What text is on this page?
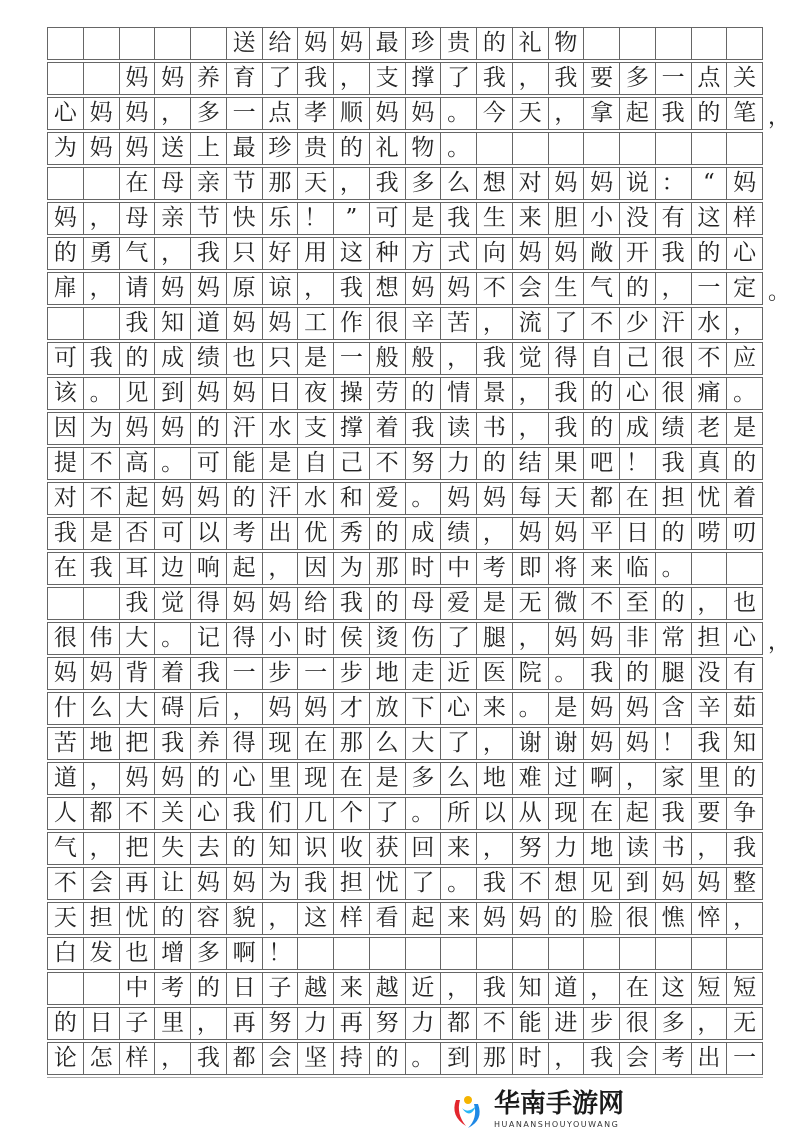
送 给 妈 妈 最 珍 贵 的 礼 物

妈 妈 养 育 了 我 ， 支 撑 了 我 ， 我 要 多 一 点 关
心 妈 妈 ， 多 一 点 孝 顺 妈 妈 。 今 天 ， 拿 起 我 的 笔 ，
为 妈 妈 送 上 最 珍 贵 的 礼 物 。

在 母 亲 节 那 天 ， 我 多 么 想 对 妈 妈 说 ： “ 妈
妈 ， 母 亲 节 快 乐 ！ ” 可 是 我 生 来 胆 小 没 有 这 样
的 勇 气 ， 我 只 好 用 这 种 方 式 向 妈 妈 敞 开 我 的 心
扉 ， 请 妈 妈 原 谅 ， 我 想 妈 妈 不 会 生 气 的 ， 一 定 。

我 知 道 妈 妈 工 作 很 辛 苦 ， 流 了 不 少 汗 水 ，
可 我 的 成 绩 也 只 是 一 般 般 ， 我 觉 得 自 己 很 不 应
该 。 见 到 妈 妈 日 夜 操 劳 的 情 景 ， 我 的 心 很 痛 。
因 为 妈 妈 的 汗 水 支 撑 着 我 读 书 ， 我 的 成 绩 老 是
提 不 高 。 可 能 是 自 己 不 努 力 的 结 果 吧 ！ 我 真 的
对 不 起 妈 妈 的 汗 水 和 爱 。 妈 妈 每 天 都 在 担 忧 着
我 是 否 可 以 考 出 优 秀 的 成 绩 ， 妈 妈 平 日 的 唠 叨
在 我 耳 边 响 起 ， 因 为 那 时 中 考 即 将 来 临 。

我 觉 得 妈 妈 给 我 的 母 爱 是 无 微 不 至 的 ， 也
很 伟 大 。 记 得 小 时 侯 烫 伤 了 腿 ， 妈 妈 非 常 担 心 ，
妈 妈 背 着 我 一 步 一 步 地 走 近 医 院 。 我 的 腿 没 有
什 么 大 碍 后 ， 妈 妈 才 放 下 心 来 。 是 妈 妈 含 辛 茹
苦 地 把 我 养 得 现 在 那 么 大 了 ， 谢 谢 妈 妈 ！ 我 知
道 ， 妈 妈 的 心 里 现 在 是 多 么 地 难 过 啊 ， 家 里 的
人 都 不 关 心 我 们 几 个 了 。 所 以 从 现 在 起 我 要 争
气 ， 把 失 去 的 知 识 收 获 回 来 ， 努 力 地 读 书 ， 我
不 会 再 让 妈 妈 为 我 担 忧 了 。 我 不 想 见 到 妈 妈 整
天 担 忧 的 容 貌 ， 这 样 看 起 来 妈 妈 的 脸 很 憔 悴 ，
白 发 也 增 多 啊 ！

中 考 的 日 子 越 来 越 近 ， 我 知 道 ， 在 这 短 短
的 日 子 里 ， 再 努 力 再 努 力 都 不 能 进 步 很 多 ， 无
论 怎 样 ， 我 都 会 坚 持 的 。 到 那 时 ， 我 会 考 出 一
华南手游网
HUANANSHOUYOUWANG
